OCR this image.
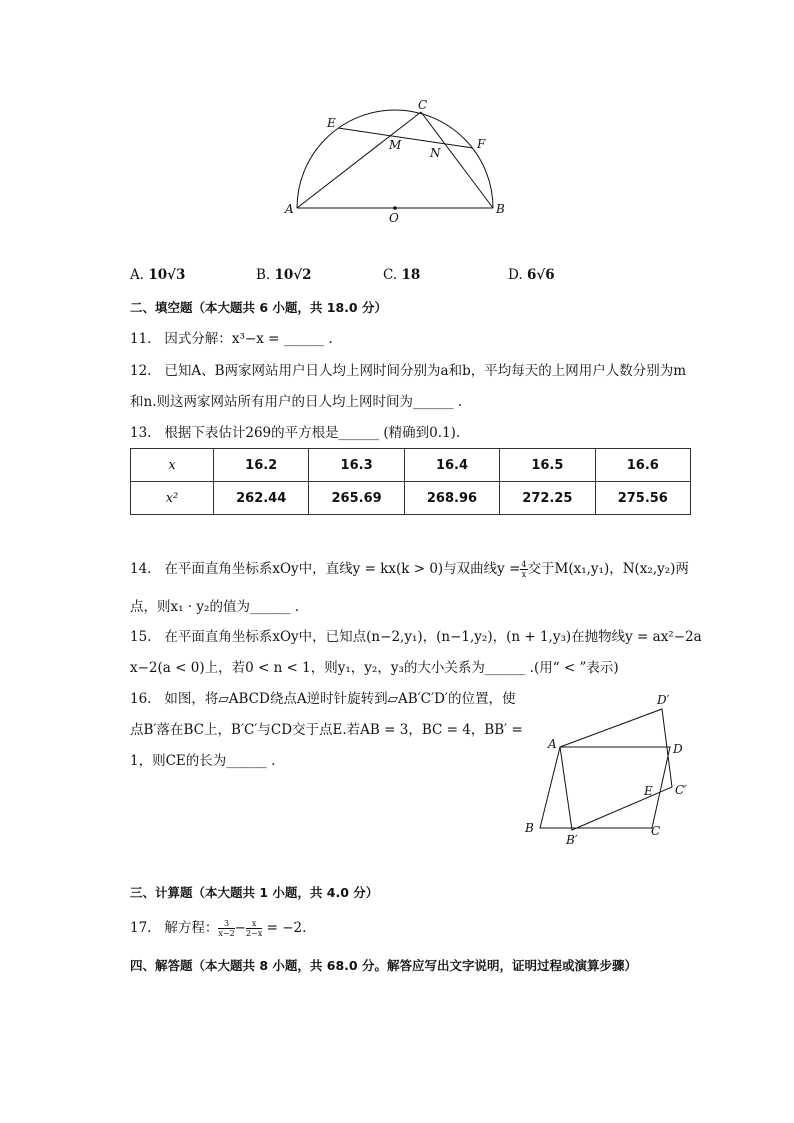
E
C
M
N
F
A
O
B
A. 10√3	B. 10√2	C. 18	D. 6√6
二、填空题（本大题共 6 小题，共 18.0 分）
11. 因式分解：x³−x = ______ .
12. 已知A、B两家网站用户日人均上网时间分别为a和b，平均每天的上网用户人数分别为m
和n.则这两家网站所有用户的日人均上网时间为______ .
13. 根据下表估计269的平方根是______ (精确到0.1).
x	16.2	16.3	16.4	16.5	16.6
x²	262.44	265.69	268.96	272.25	275.56
14. 在平面直角坐标系xOy中，直线y = kx(k > 0)与双曲线$y = \frac{4}{x}$ 交于M(x₁,y₁)，N(x₂,y₂)两
点，则x₁ · y₂的值为______ .
15. 在平面直角坐标系xOy中，已知点(n−2,y₁)，(n−1,y₂)，(n + 1,y₃)在抛物线y = ax²−2a
x−2(a < 0)上，若0 < n < 1，则y₁，y₂，y₃的大小关系为______ .(用“ < ”表示)
16. 如图，将▱ABCD绕点A逆时针旋转到▱AB′C′D′的位置，使
点B′落在BC上，B′C′与CD交于点E.若AB = 3，BC = 4，BB′ =
1，则CE的长为______ .
D′
A	D
E C′
B
B′
C
三、计算题（本大题共 1 小题，共 4.0 分）
17. 解方程： $\frac{3}{x-2} - \frac{x}{2-x} = -2$.
四、解答题（本大题共 8 小题，共 68.0 分。解答应写出文字说明，证明过程或演算步骤）
